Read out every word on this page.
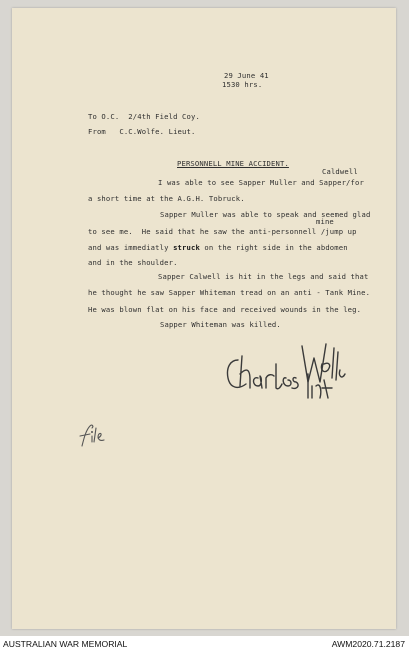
29 June 41
1530 hrs.
To O.C.  2/4th Field Coy.
From   C.C.Wolfe. Lieut.
PERSONNELL MINE ACCIDENT.
Caldwell
I was able to see Sapper Muller and Sapper/for
a short time at the A.G.H. Tobruck.
mine
Sapper Muller was able to speak and seemed glad
to see me.  He said that he saw the anti-personnell /jump up
and was immediatly struck on the right side in the abdomen
and in the shoulder.
Sapper Calwell is hit in the legs and said that
he thought he saw Sapper Whiteman tread on an anti - Tank Mine.
He was blown flat on his face and received wounds in the leg.
Sapper Whiteman was killed.
AUSTRALIAN WAR MEMORIAL	AWM2020.71.2187
